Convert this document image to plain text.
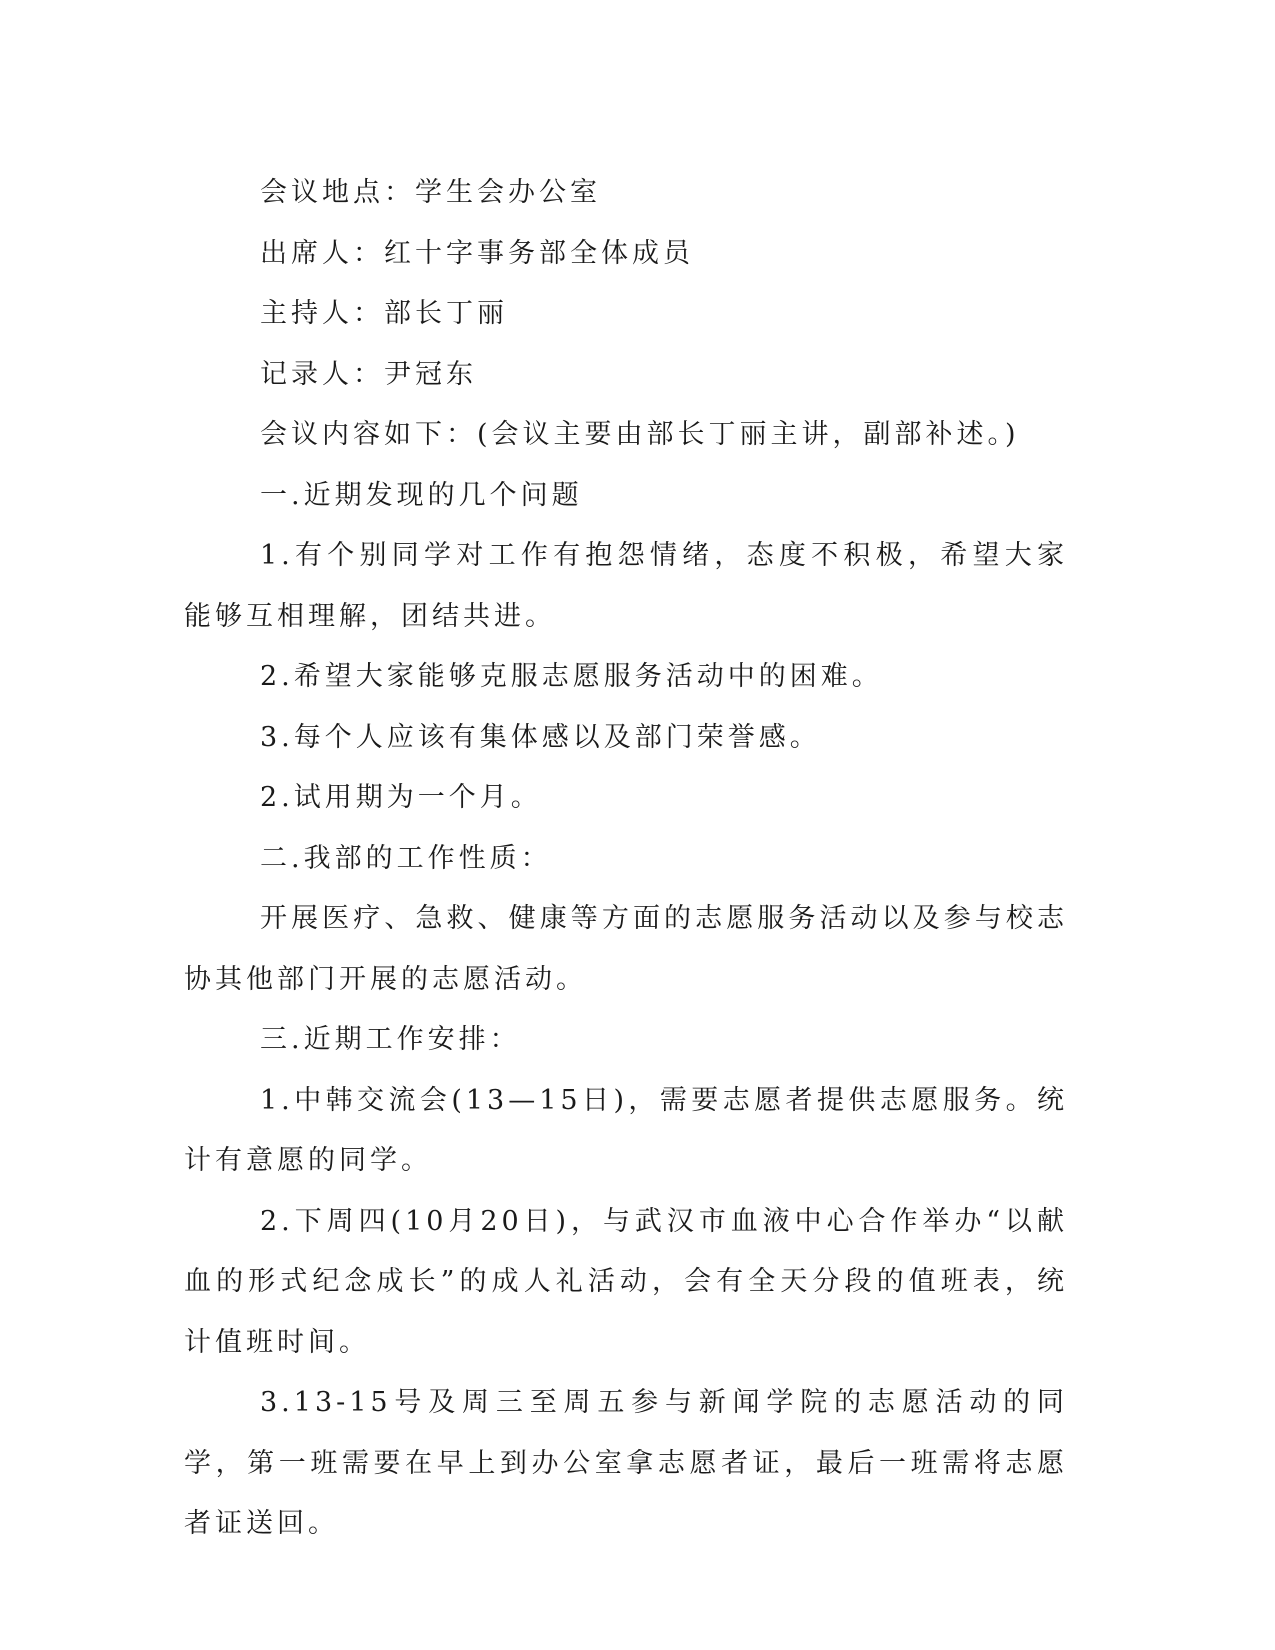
会议地点：学生会办公室

出席人：红十字事务部全体成员

主持人：部长丁丽

记录人：尹冠东

会议内容如下：(会议主要由部长丁丽主讲，副部补述。)

一.近期发现的几个问题

1.有个别同学对工作有抱怨情绪，态度不积极，希望大家能够互相理解，团结共进。

2.希望大家能够克服志愿服务活动中的困难。

3.每个人应该有集体感以及部门荣誉感。

2.试用期为一个月。

二.我部的工作性质：

开展医疗、急救、健康等方面的志愿服务活动以及参与校志协其他部门开展的志愿活动。

三.近期工作安排：

1.中韩交流会(13—15日)，需要志愿者提供志愿服务。统计有意愿的同学。

2.下周四(10月20日)，与武汉市血液中心合作举办“以献血的形式纪念成长”的成人礼活动，会有全天分段的值班表，统计值班时间。

3.13-15号及周三至周五参与新闻学院的志愿活动的同学，第一班需要在早上到办公室拿志愿者证，最后一班需将志愿者证送回。
